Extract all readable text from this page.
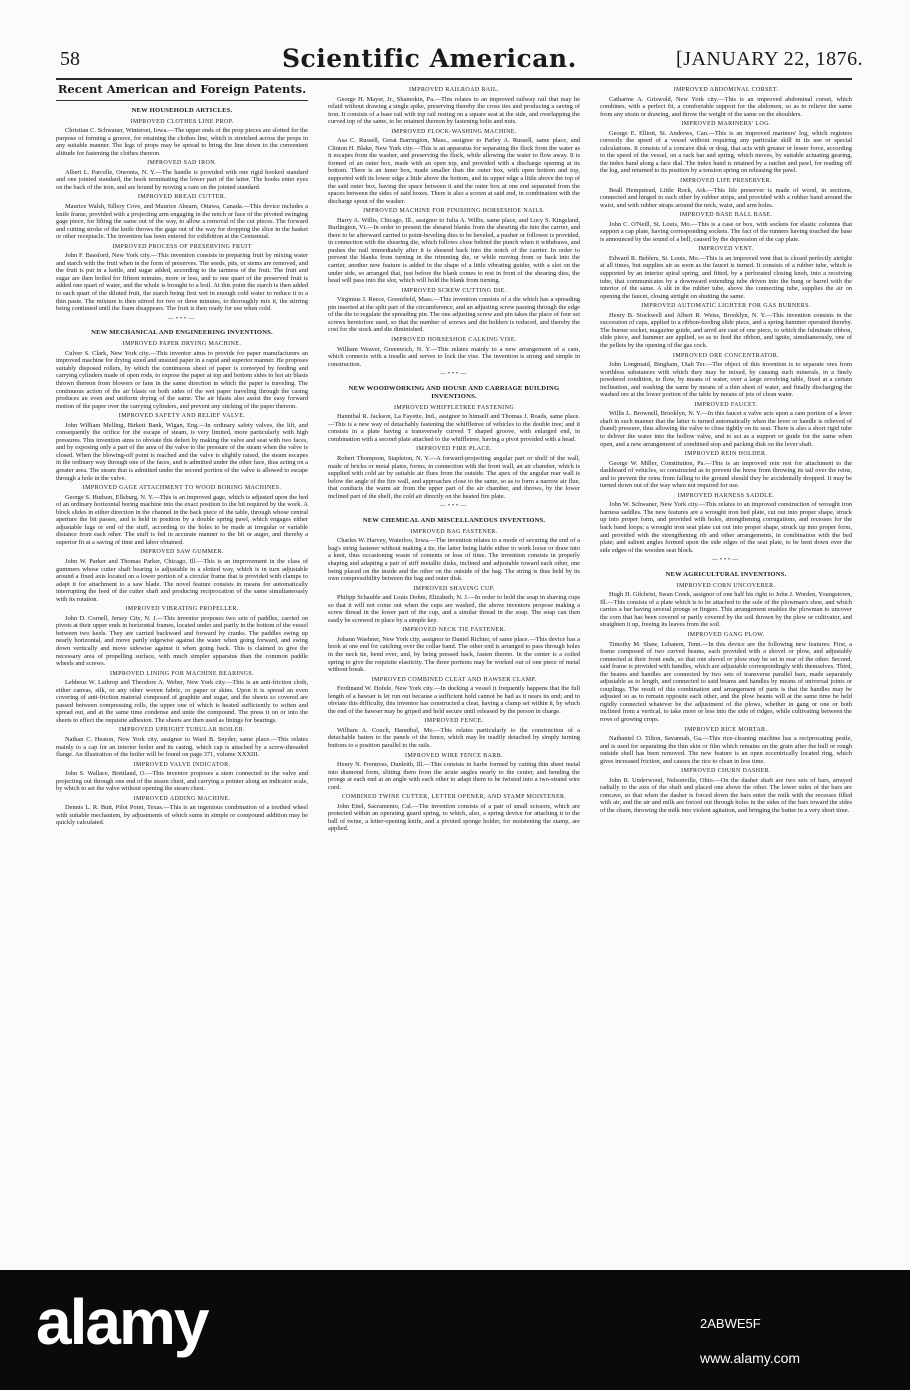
58	Scientific American.	[JANUARY 22, 1876.
Recent American and Foreign Patents.
NEW HOUSEHOLD ARTICLES.
IMPROVED CLOTHES LINE PROP.
Christian C. Schwaner, Winterset, Iowa.—The upper ends of the prop pieces are slotted for the purpose of forming a groove, for retaining the clothes line, which is stretched across the props in any suitable manner. The legs of props may be spread to bring the line down to the convenient altitude for fastening the clothes thereon.
IMPROVED SAD IRON.
Albert L. Parcelle, Oneonta, N. Y.—The handle is provided with one rigid hooked standard and one jointed standard, the hook terminating the lower part of the latter. The hooks enter eyes on the back of the iron, and are bound by moving a cam on the jointed standard.
IMPROVED BREAD CUTTER.
Maurice Walsh, Sillery Cove, and Maurice Ahearn, Ottawa, Canada.—This device includes a knife frame, provided with a projecting arm engaging in the notch or face of the pivoted swinging gage piece, for lifting the same out of the way, to allow a removal of the cut pieces. The forward and cutting stroke of the knife throws the gage out of the way for dropping the slice in the basket or other receptacle. The invention has been entered for exhibition at the Centennial.
IMPROVED PROCESS OF PRESERVING FRUIT
John F. Bassford, New York city.—This invention consists in preparing fruit by mixing water and starch with the fruit when in the form of preserves. The seeds, pits, or stems are removed, and the fruit is put in a kettle, and sugar added, according to the tartness of the fruit. The fruit and sugar are then boiled for fifteen minutes, more or less, and to one quart of the preserved fruit is added one quart of water, and the whole is brought to a boil. At this point the starch is then added to each quart of the diluted fruit, the starch being first wet in enough cold water to reduce it to a thin paste. The mixture is then stirred for two or three minutes, to thoroughly mix it, the stirring being continued until the foam disappears. The fruit is then ready for use when cold.
—•••—
NEW MECHANICAL AND ENGINEERING INVENTIONS.
IMPROVED PAPER DRYING MACHINE.
Culver S. Clark, New York city.—This inventor aims to provide for paper manufacturers an improved machine for drying sized and unsized paper in a rapid and superior manner. He proposes suitably disposed rollers, by which the continuous sheet of paper is conveyed by feeding and carrying cylinders made of open rods, to expose the paper at top and bottom sides to hot air blasts thrown thereon from blowers or fans in the same direction in which the paper is traveling. The continuous action of the air blasts on both sides of the wet paper traveling through the casing produces an even and uniform drying of the same. The air blasts also assist the easy forward motion of the paper over the carrying cylinders, and prevent any sticking of the paper thereon.
IMPROVED SAFETY AND RELIEF VALVE.
John William Melling, Birkett Bank, Wigan, Eng.—In ordinary safety valves, the lift, and consequently the orifice for the escape of steam, is very limited, more particularly with high pressures. This invention aims to obviate this defect by making the valve and seat with two faces, and by exposing only a part of the area of the valve to the pressure of the steam when the valve is closed. When the blowing-off point is reached and the valve is slightly raised, the steam escapes in the ordinary way through one of the faces, and is admitted under the other face, thus acting on a greater area. The steam that is admitted under the second portion of the valve is allowed to escape through a hole in the valve.
IMPROVED GAGE ATTACHMENT TO WOOD BORING MACHINES.
George S. Hudson, Ellsburg, N. Y.—This is an improved gage, which is adjusted upon the bed of an ordinary horizontal boring machine into the exact position to the bit required by the work. A block slides in either direction in the channel in the back piece of the table, through whose central aperture the bit passes, and is held in position by a double spring pawl, which engages either adjustable lugs or end of the stuff, according to the holes to be made at irregular or variable distance from each other. The stuff is fed in accurate manner to the bit or auger, and thereby a superior fit at a saving of time and labor obtained.
IMPROVED SAW GUMMER.
John W. Parker and Thomas Parker, Chicago, Ill.—This is an improvement in the class of gummers whose cutter shaft bearing is adjustable in a slotted way, which is in turn adjustable around a fixed axis located on a lower portion of a circular frame that is provided with clamps to adapt it for attachment to a saw blade. The novel feature consists in means for automatically interrupting the feed of the cutter shaft and producing reciprocation of the same simultaneously with its rotation.
IMPROVED VIBRATING PROPELLER.
John D. Cornell, Jersey City, N. J.—This inventor proposes two sets of paddles, carried on pivots at their upper ends in horizontal frames, located under and partly in the bottom of the vessel between two keels. They are carried backward and forward by cranks. The paddles swing up nearly horizontal, and move partly edgewise against the water when going forward, and swing down vertically and move sidewise against it when going back. This is claimed to give the necessary area of propelling surface, with much simpler apparatus than the common paddle wheels and screws.
IMPROVED LINING FOR MACHINE BEARINGS.
Lebbeus W. Lathrop and Theodore A. Weber, New York city.—This is an anti-friction cloth, either canvas, silk, or any other woven fabric, or paper or skins. Upon it is spread an even covering of anti-friction material composed of graphite and sugar, and the sheets so covered are passed between compressing rolls, the upper one of which is heated sufficiently to soften and spread out, and at the same time condense and unite the compound. The press it on or into the sheets to effect the requisite adhesion. The sheets are then used as linings for bearings.
IMPROVED UPRIGHT TUBULAR BOILER.
Nathan C. Heaton, New York city, assignor to Ward B. Snyder, same place.—This relates mainly to a cap for an interior boiler and its casing, which cap is attached by a screw-threaded flange. An illustration of the boiler will be found on page 371, volume XXXIII.
IMPROVED VALVE INDICATOR.
John S. Wallace, Brettland, O.—This inventor proposes a stem connected to the valve and projecting out through one end of the steam chest, and carrying a pointer along an indicator scale, by which to set the valve without opening the steam chest.
IMPROVED ADDING MACHINE.
Dennis L. R. Butt, Pilot Point, Texas.—This is an ingenious combination of a toothed wheel with suitable mechanism, by adjustments of which sums in simple or compound addition may be quickly calculated.
IMPROVED RAILROAD RAIL.
George H. Mayer, Jr., Shamokin, Pa.—This relates to an improved railway rail that may be relaid without drawing a single spike, preserving thereby the cross ties and producing a saving of iron. It consists of a base rail with top rail resting on a square seat at the side, and overlapping the curved top of the same, to be retained thereon by fastening bolts and nuts.
IMPROVED FLOCK-WASHING MACHINE.
Asa C. Russell, Great Barrington, Mass., assignor to Parley A. Russell, same place, and Clinton H. Blake, New York city.—This is an apparatus for separating the flock from the water as it escapes from the washer, and preserving the flock, while allowing the water to flow away. It is formed of an outer box, made with an open top, and provided with a discharge opening at its bottom. There is an inner box, made smaller than the outer box, with open bottom and top, supported with its lower edge a little above the bottom, and its upper edge a little above the top of the said outer box, having the space between it and the outer box at one end separated from the spaces between the sides of said boxes. There is also a screen at said end, in combination with the discharge spout of the washer.
IMPROVED MACHINE FOR FINISHING HORSESHOE NAILS.
Harry A. Willis, Chicago, Ill., assignor to Julia A. Willis, same place, and Lucy S. Kingsland, Burlington, Vt.—In order to present the sheared blanks from the shearing die into the carrier, and there to be afterward carried to point-beveling dies to be beveled, a pusher or follower is provided, in connection with the shearing die, which follows close behind the punch when it withdraws, and pushes the nail immediately after it is sheared back into the notch of the carrier. In order to prevent the blanks from turning in the trimming die, or while moving from or back into the carrier, another new feature is added in the shape of a little vibrating guider, with a slot on the under side, so arranged that, just before the blank comes to rest in front of the shearing dies, the head will pass into the slot, which will hold the blank from turning.
IMPROVED SCREW CUTTING DIE.
Virginius J. Reece, Greenfield, Mass.—This invention consists of a die which has a spreading pin inserted at the split part of the circumference, and an adjusting screw passing through the edge of the die to regulate the spreading pin. The one adjusting screw and pin takes the place of four set screws heretofore used, so that the number of screws and die holders is reduced, and thereby the cost for die stock and die diminished.
IMPROVED HORSESHOE CALKING VISE.
William Weaver, Greenwich, N. Y.—This relates mainly to a new arrangement of a cam, which connects with a treadle and serves to lock the vise. The invention is strong and simple in construction.
—•••—
NEW WOODWORKING AND HOUSE AND CARRIAGE BUILDING INVENTIONS.
IMPROVED WHIFFLETREE FASTENING
Hannibal R. Jackson, La Fayette, Ind., assignor to himself and Thomas J. Roads, same place.—This is a new way of detachably fastening the whiffletree of vehicles to the double tree; and it consists in a plate having a transversely curved T shaped groove, with enlarged end, in combination with a second plate attached to the whiffletree, having a pivot provided with a head.
IMPROVED FIRE PLACE.
Robert Thompson, Stapleton, N. Y.—A forward-projecting angular part or shelf of the wall, made of bricks or metal plates, forms, in connection with the front wall, an air chamber, which is supplied with cold air by suitable air flues from the outside. The apex of the angular rear wall is below the angle of the fire wall, and approaches close to the same, so as to form a narrow air flue, that conducts the warm air from the upper part of the air chamber, and throws, by the lower inclined part of the shelf, the cold air directly on the heated fire plate.
—•••—
NEW CHEMICAL AND MISCELLANEOUS INVENTIONS.
IMPROVED BAG FASTENER.
Charles W. Harvey, Waterloo, Iowa.—The invention relates to a mode of securing the end of a bag's string fastener without making a tie, the latter being liable either to work loose or draw into a knot, thus occasioning waste of contents or loss of time. The invention consists in properly shaping and adapting a pair of stiff metallic disks, inclined and adjustable toward each other, one being placed on the inside and the other on the outside of the bag. The string is thus held by its own compressibility between the bag and outer disk.
IMPROVED SHAVING CUP.
Philipp Schauble and Louis Dohm, Elizabeth, N. J.—In order to hold the soap in shaving cups so that it will not come out when the cups are washed, the above inventors propose making a screw thread in the lower part of the cup, and a similar thread in the soap. The soap can then easily be screwed in place by a simple key.
IMPROVED NECK TIE FASTENER.
Johann Waehner, New York city, assignor to Daniel Richter, of same place.—This device has a hook at one end for catching over the collar band. The other end is arranged to pass through holes in the neck tie, bend over, and, by being pressed back, fasten thereto. In the center is a coiled spring to give the requisite elasticity. The three portions may be worked out of one piece of metal without break.
IMPROVED COMBINED CLEAT AND HAWSER CLAMP.
Ferdinand W. Hofele, New York city.—In docking a vessel it frequently happens that the full length of a hawser is let run out because a sufficient hold cannot be had as it nears its end; and to obviate this difficulty, this inventor has constructed a cleat, having a clamp set within it, by which the end of the hawser may be griped and held secure until released by the person in charge.
IMPROVED FENCE.
William A. Couch, Hannibal, Mo.—This relates particularly to the construction of a detachable batten to the panels of the fence, which may be readily detached by simply turning buttons to a position parallel to the rails.
IMPROVED WIRE FENCE BARB.
Henry N. Frentress, Dunleith, Ill.—This consists in barbs formed by cutting thin sheet metal into diamond form, slitting them from the acute angles nearly to the center, and bending the prongs at each end at an angle with each other to adapt them to be twisted into a two-strand wire cord.
COMBINED TWINE CUTTER, LETTER OPENER, AND STAMP MOISTENER.
John Eitel, Sacramento, Cal.—The invention consists of a pair of small scissors, which are protected within an operating guard spring, to which, also, a spring device for attaching it to the ball of twine, a letter-opening knife, and a pivoted sponge holder, for moistening the stamp, are applied.
IMPROVED ABDOMINAL CORSET.
Catharine A. Griswold, New York city.—This is an improved abdominal corset, which combines, with a perfect fit, a comfortable support for the abdomen, so as to relieve the same from any strain or drawing, and throw the weight of the same on the shoulders.
IMPROVED MARINERS' LOG.
George E. Elliott, St. Andrews, Can.—This is an improved mariners' log, which registers correctly the speed of a vessel without requiring any particular skill in its use or special calculations. It consists of a concave disk or drag, that acts with greater or lesser force, according to the speed of the vessel, on a rack bar and spring, which moves, by suitable actuating gearing, the index hand along a face dial. The index hand is retained by a ratchet and pawl, for reading off the log, and returned to its position by a tension spring on releasing the pawl.
IMPROVED LIFE PRESERVER.
Beall Hempstead, Little Rock, Ark.—This life preserver is made of wood, in sections, connected and hinged to each other by rubber strips, and provided with a rubber band around the waist, and with rubber straps around the neck, waist, and arm holes.
IMPROVED BASE BALL BASE.
John C. O'Neill, St. Louis, Mo.—This is a case or box, with sockets for elastic columns that support a cap plate, having corresponding sockets. The fact of the runners having touched the base is announced by the sound of a bell, caused by the depression of the cap plate.
IMPROVED VENT.
Edward R. Beblers, St. Louis, Mo.—This is an improved vent that is closed perfectly airtight at all times, but supplies air as soon as the faucet is turned. It consists of a rubber tube, which is supported by an interior spiral spring, and fitted, by a perforated closing knob, into a receiving tube, that communicates by a downward extending tube driven into the bung or barrel with the interior of the same. A slit in the rubber tube, above the connecting tube, supplies the air on opening the faucet, closing airtight on shutting the same.
IMPROVED AUTOMATIC LIGHTER FOR GAS BURNERS.
Henry B. Stockwell and Albert R. Weiss, Brooklyn, N. Y.—This invention consists in the succession of caps, applied to a ribbon-feeding slide piece, and a spring hammer operated thereby. The burner socket, magazine guide, and anvil are cast of one piece, to which the fulminate ribbon, slide piece, and hammer are applied, so as to feed the ribbon, and ignite, simultaneously, one of the pellets by the opening of the gas cock.
IMPROVED ORE CONCENTRATOR.
John Longmaid, Bingham, Utah Ter.—The object of this invention is to separate ores from worthless substances with which they may be mixed, by causing such minerals, in a finely powdered condition, to flow, by means of water, over a large revolving table, fixed at a certain inclination, and washing the same by means of a thin sheet of water, and finally discharging the washed ore at the lower portion of the table by means of jets of clean water.
IMPROVED FAUCET.
Willis L. Brownell, Brooklyn, N. Y.—In this faucet a valve acts upon a cam portion of a lever shaft in such manner that the latter is turned automatically when the lever or handle is relieved of (hand) pressure, thus allowing the valve to close tightly on its seat. There is also a short rigid tube to deliver the water into the hollow valve, and to act as a support or guide for the same when open, and a new arrangement of combined stop and packing disk on the lever shaft.
IMPROVED REIN HOLDER.
George W. Miller, Constitution, Pa.—This is an improved rein rest for attachment to the dashboard of vehicles, so constructed as to prevent the horse from throwing its tail over the reins, and to prevent the reins from falling to the ground should they be accidentally dropped. It may be turned down out of the way when not required for use.
IMPROVED HARNESS SADDLE.
John W. Schwaner, New York city.—This relates to an improved construction of wrought iron harness saddles. The new features are a wrought iron bed plate, cut out into proper shape, struck up into proper form, and provided with holes, strengthening corrugations, and recesses for the back band loops; a wrought iron seat plate cut out into proper shape, struck up into proper form, and provided with the strengthening rib and other arrangements, in combination with the bed plate; and salient angles formed upon the side edges of the seat plate, to be bent down over the side edges of the wooden seat block.
—•••—
NEW AGRICULTURAL INVENTIONS.
IMPROVED CORN UNCOVERER.
Hugh H. Gilchrist, Swan Creek, assignor of one half his right to John J. Worden, Youngstown, Ill.—This consists of a plate which is to be attached to the sole of the plowman's shoe, and which carries a bar having several prongs or fingers. This arrangement enables the plowman to uncover the corn that has been covered or partly covered by the soil thrown by the plow or cultivator, and straighten it up, freeing its leaves from the soil.
IMPROVED GANG PLOW.
Timothy M. Shaw, Lebanon, Tenn.—In this device are the following new features: First, a frame composed of two curved beams, each provided with a shovel or plow, and adjustably connected at their front ends, so that one shovel or plow may be set in rear of the other. Second, said frame is provided with handles, which are adjustable correspondingly with themselves. Third, the beams and handles are connected by two sets of transverse parallel bars, made separately adjustable as to length, and connected to said beams and handles by means of universal joints or couplings. The result of this combination and arrangement of parts is that the handles may be adjusted so as to remain opposite each other, and the plow beams will at the same time be held rigidly connected whatever be the adjustment of the plows, whether in gang or one or both inclined from a vertical, to take more or less into the side of ridges, while cultivating between the rows of growing crops.
IMPROVED RICE MORTAR.
Nathaniel O. Tilton, Savannah, Ga.—This rice-cleaning machine has a reciprocating pestle, and is used for separating the thin skin or film which remains on the grain after the hull or rough outside shell has been removed. The new feature is an open eccentrically located ring, which gives increased friction, and causes the rice to clean in less time.
IMPROVED CHURN DASHER.
John R. Underwood, Nelsonville, Ohio.—On the dasher shaft are two sets of bars, arrayed radially to the axis of the shaft and placed one above the other. The lower sides of the bars are concave, so that when the dasher is forced down the bars enter the milk with the recesses filled with air, and the air and milk are forced out through holes in the sides of the bars toward the sides of the churn, throwing the milk into violent agitation, and bringing the butter in a very short time.
alamy	2ABWE5F
www.alamy.com
